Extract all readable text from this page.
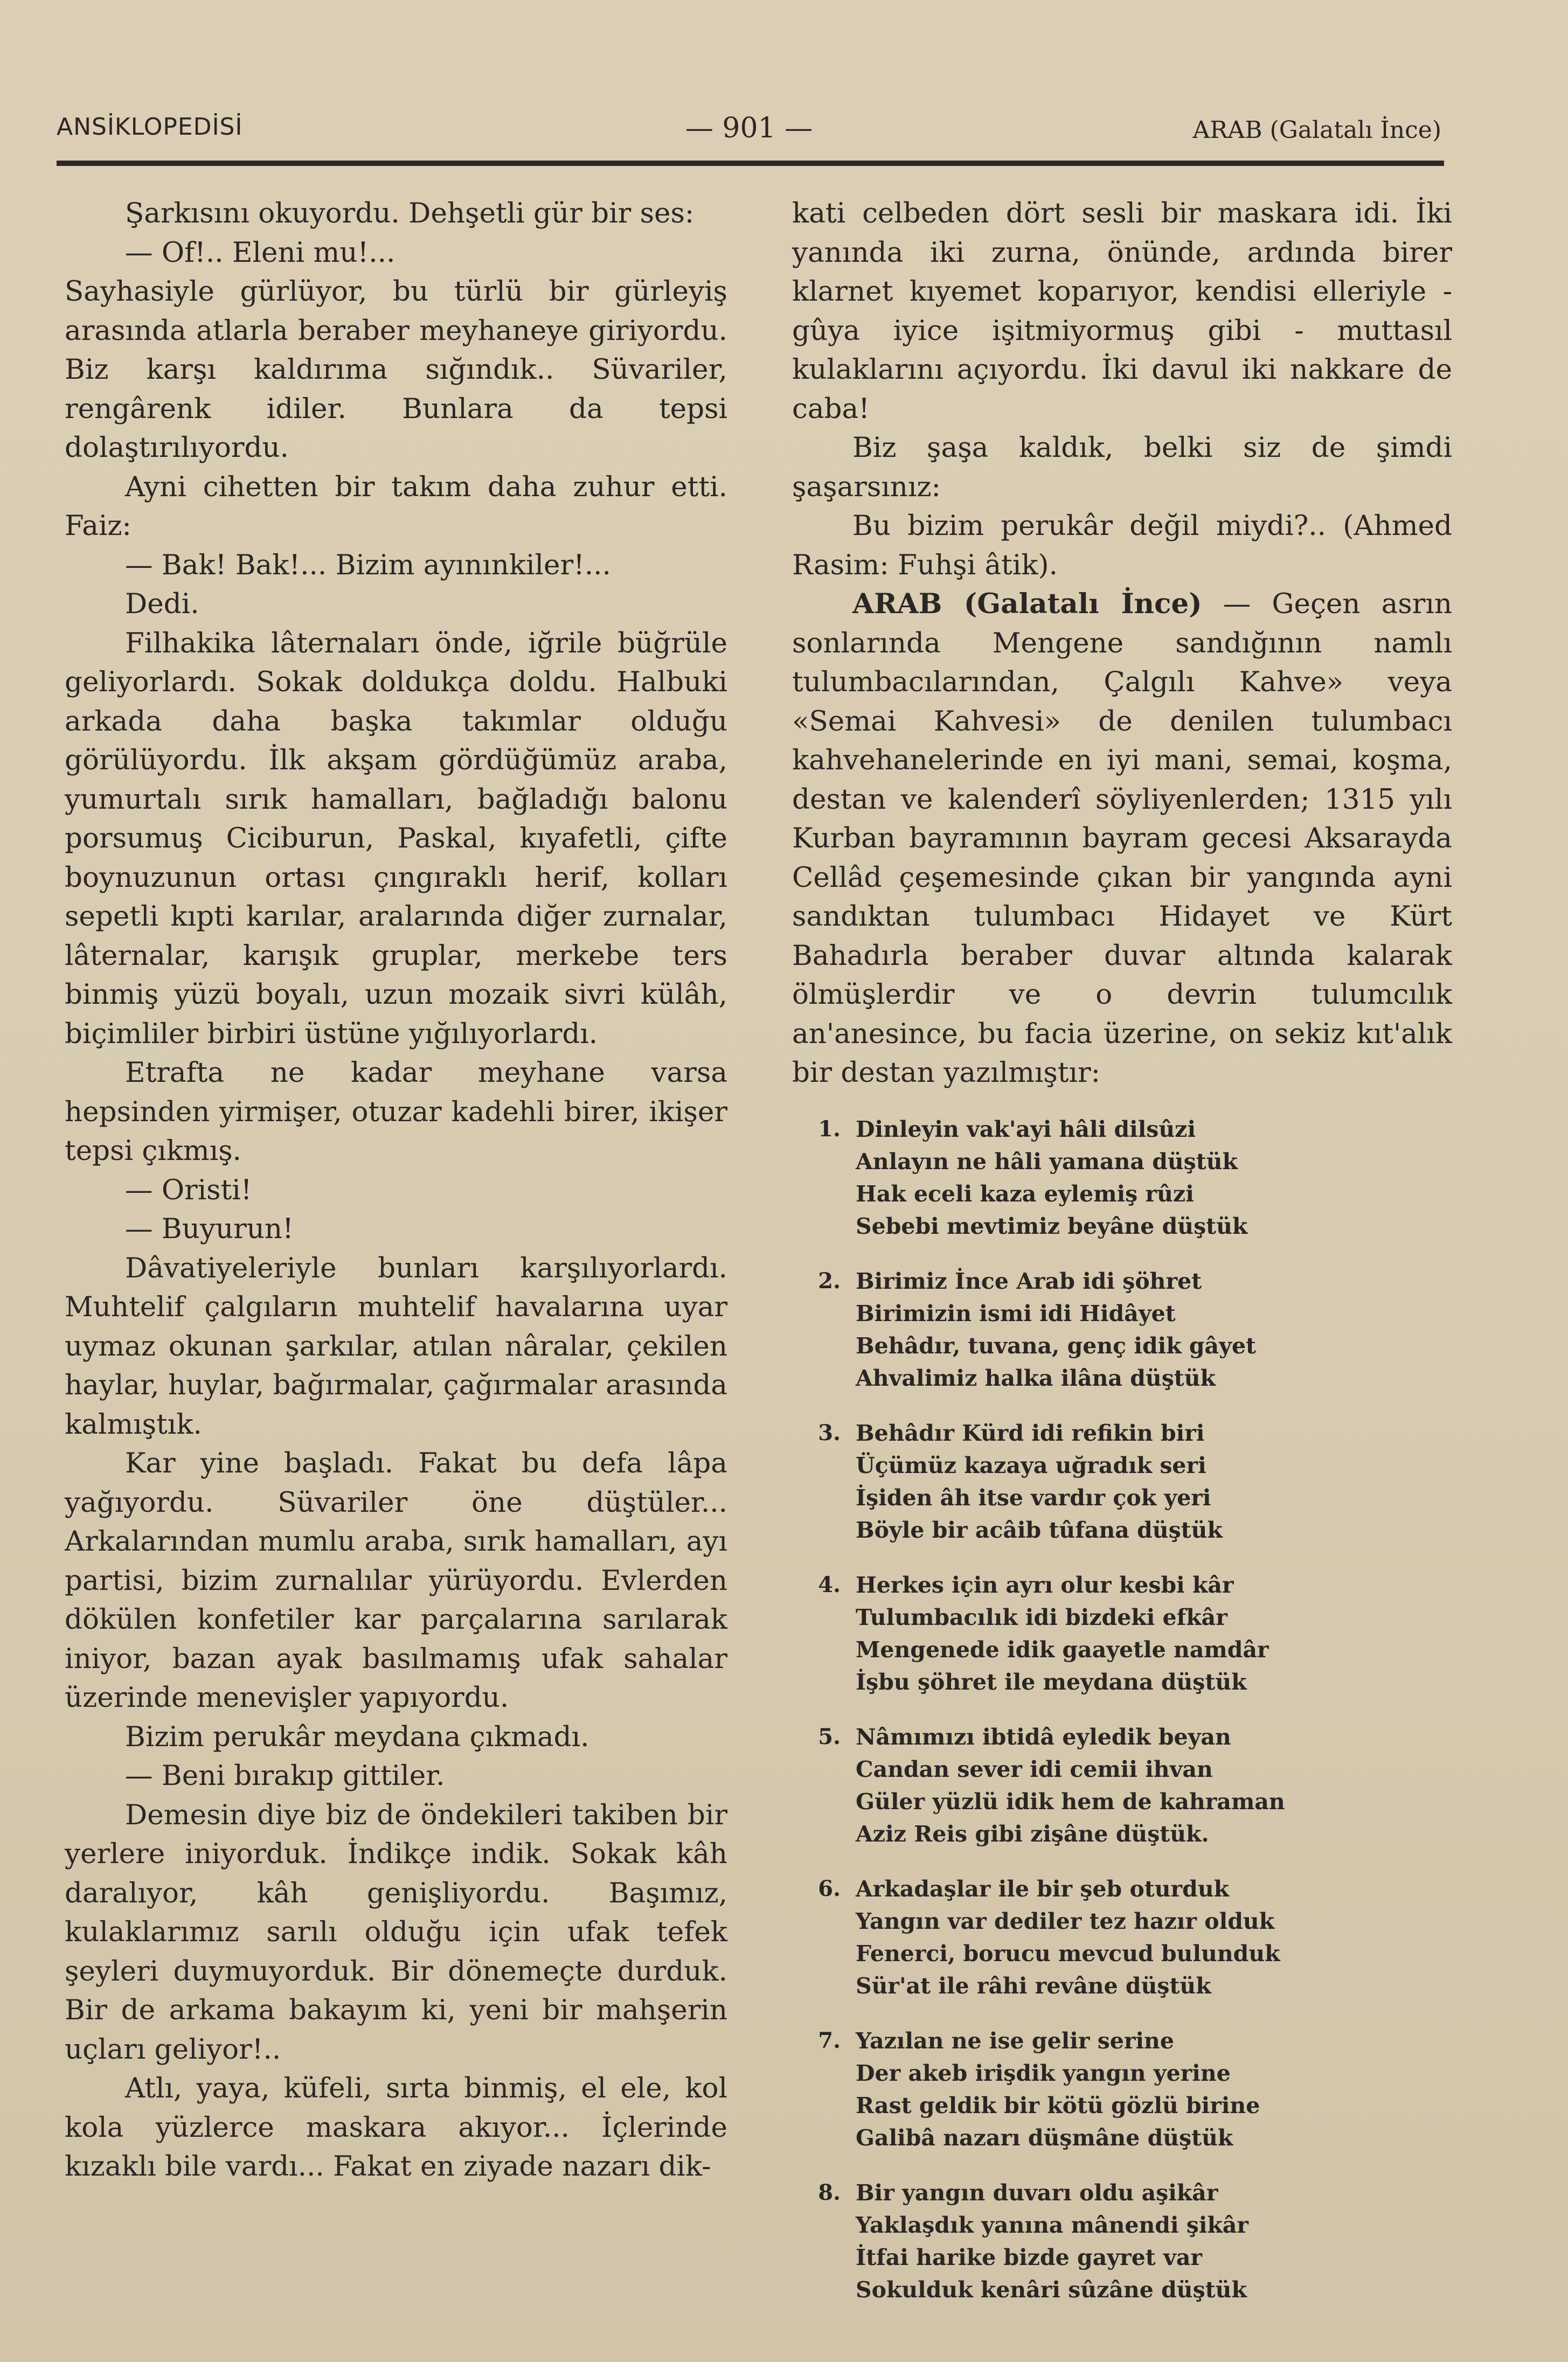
ANSİKLOPEDİSİ	— 901 —	ARAB (Galatalı İnce)

Şarkısını okuyordu. Dehşetli gür bir ses:

— Of!.. Eleni mu!...

Sayhasiyle gürlüyor, bu türlü bir gürleyiş arasında atlarla beraber meyhaneye giriyordu. Biz karşı kaldırıma sığındık.. Süvariler, rengârenk idiler. Bunlara da tepsi dolaştırılıyordu.

Ayni cihetten bir takım daha zuhur etti. Faiz:

— Bak! Bak!... Bizim ayınınkiler!...

Dedi.

Filhakika lâternaları önde, iğrile büğrüle geliyorlardı. Sokak doldukça doldu. Halbuki arkada daha başka takımlar olduğu görülüyordu. İlk akşam gördüğümüz araba, yumurtalı sırık hamalları, bağladığı balonu porsumuş Ciciburun, Paskal, kıyafetli, çifte boynuzunun ortası çıngıraklı herif, kolları sepetli kıpti karılar, aralarında diğer zurnalar, lâternalar, karışık gruplar, merkebe ters binmiş yüzü boyalı, uzun mozaik sivri külâh, biçimliler birbiri üstüne yığılıyorlardı.

Etrafta ne kadar meyhane varsa hepsinden yirmişer, otuzar kadehli birer, ikişer tepsi çıkmış.

— Oristi!

— Buyurun!

Dâvatiyeleriyle bunları karşılıyorlardı. Muhtelif çalgıların muhtelif havalarına uyar uymaz okunan şarkılar, atılan nâralar, çekilen haylar, huylar, bağırmalar, çağırmalar arasında kalmıştık.

Kar yine başladı. Fakat bu defa lâpa yağıyordu. Süvariler öne düştüler... Arkalarından mumlu araba, sırık hamalları, ayı partisi, bizim zurnalılar yürüyordu. Evlerden dökülen konfetiler kar parçalarına sarılarak iniyor, bazan ayak basılmamış ufak sahalar üzerinde menevişler yapıyordu.

Bizim perukâr meydana çıkmadı.

— Beni bırakıp gittiler.

Demesin diye biz de öndekileri takiben bir yerlere iniyorduk. İndikçe indik. Sokak kâh daralıyor, kâh genişliyordu. Başımız, kulaklarımız sarılı olduğu için ufak tefek şeyleri duymuyorduk. Bir dönemeçte durduk. Bir de arkama bakayım ki, yeni bir mahşerin uçları geliyor!..

Atlı, yaya, küfeli, sırta binmiş, el ele, kol kola yüzlerce maskara akıyor... İçlerinde kızaklı bile vardı... Fakat en ziyade nazarı dik-

kati celbeden dört sesli bir maskara idi. İki yanında iki zurna, önünde, ardında birer klarnet kıyemet koparıyor, kendisi elleriyle - gûya iyice işitmiyormuş gibi - muttasıl kulaklarını açıyordu. İki davul iki nakkare de caba!

Biz şaşa kaldık, belki siz de şimdi şaşarsınız:

Bu bizim perukâr değil miydi?.. (Ahmed Rasim: Fuhşi âtik).

ARAB (Galatalı İnce) — Geçen asrın sonlarında Mengene sandığının namlı tulumbacılarından, Çalgılı Kahve» veya «Semai Kahvesi» de denilen tulumbacı kahvehanelerinde en iyi mani, semai, koşma, destan ve kalenderî söyliyenlerden; 1315 yılı Kurban bayramının bayram gecesi Aksarayda Cellâd çeşemesinde çıkan bir yangında ayni sandıktan tulumbacı Hidayet ve Kürt Bahadırla beraber duvar altında kalarak ölmüşlerdir ve o devrin tulumcılık an'anesince, bu facia üzerine, on sekiz kıt'alık bir destan yazılmıştır:

1. Dinleyin vak'ayi hâli dilsûzi
Anlayın ne hâli yamana düştük
Hak eceli kaza eylemiş rûzi
Sebebi mevtimiz beyâne düştük
2. Birimiz İnce Arab idi şöhret
Birimizin ismi idi Hidâyet
Behâdır, tuvana, genç idik gâyet
Ahvalimiz halka ilâna düştük
3. Behâdır Kürd idi refikin biri
Üçümüz kazaya uğradık seri
İşiden âh itse vardır çok yeri
Böyle bir acâib tûfana düştük
4. Herkes için ayrı olur kesbi kâr
Tulumbacılık idi bizdeki efkâr
Mengenede idik gaayetle namdâr
İşbu şöhret ile meydana düştük
5. Nâmımızı ibtidâ eyledik beyan
Candan sever idi cemii ihvan
Güler yüzlü idik hem de kahraman
Aziz Reis gibi zişâne düştük.
6. Arkadaşlar ile bir şeb oturduk
Yangın var dediler tez hazır olduk
Fenerci, borucu mevcud bulunduk
Sür'at ile râhi revâne düştük
7. Yazılan ne ise gelir serine
Der akeb irişdik yangın yerine
Rast geldik bir kötü gözlü birine
Galibâ nazarı düşmâne düştük
8. Bir yangın duvarı oldu aşikâr
Yaklaşdık yanına mânendi şikâr
İtfai harike bizde gayret var
Sokulduk kenâri sûzâne düştük
